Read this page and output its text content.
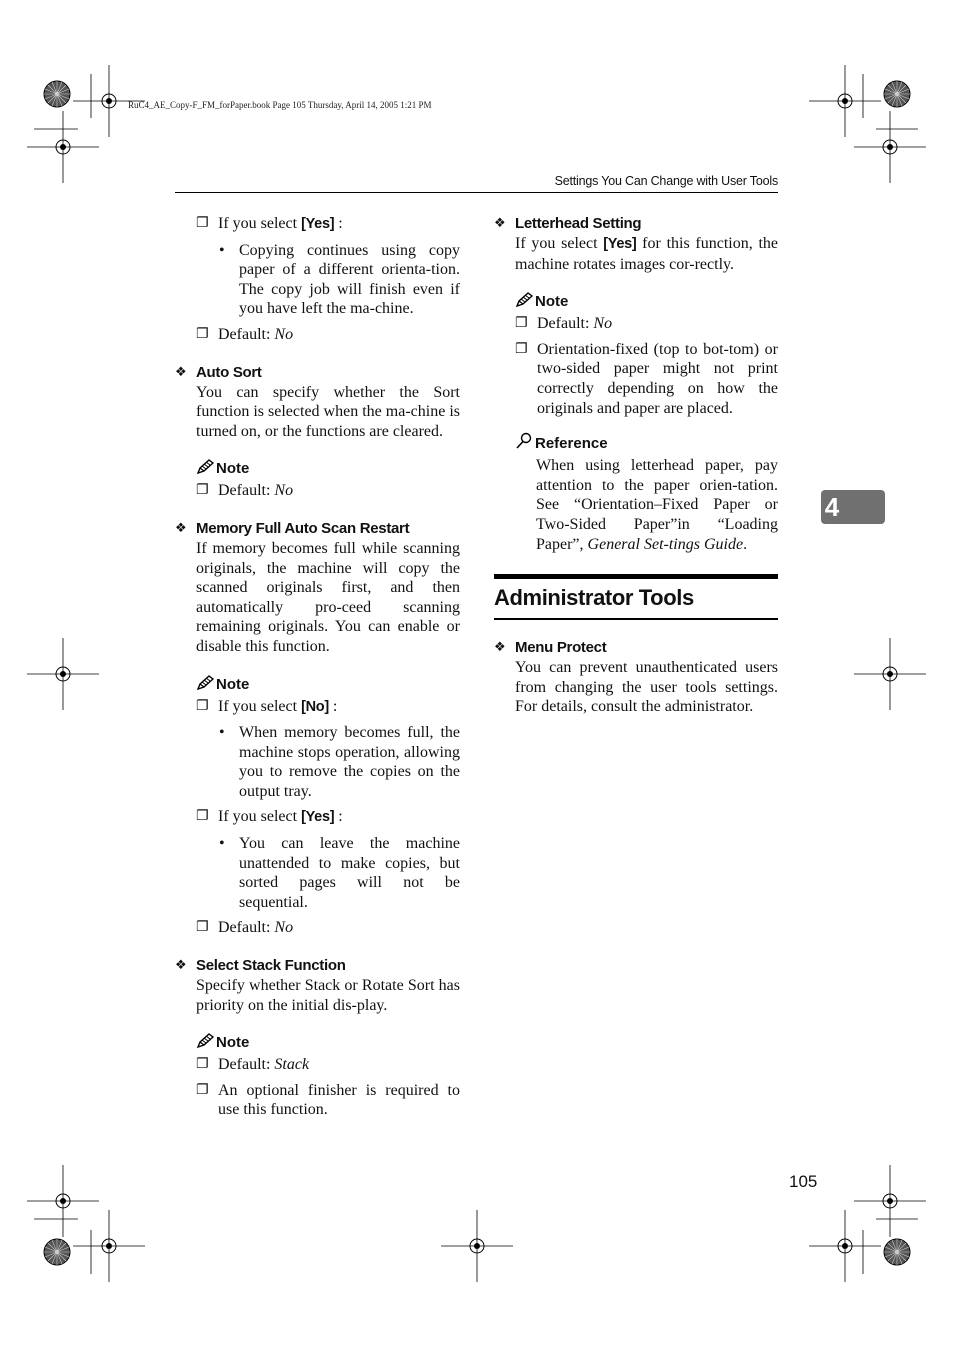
RuC4_AE_Copy-F_FM_forPaper.book Page 105 Thursday, April 14, 2005 1:21 PM
Settings You Can Change with User Tools
4

❐ If you select [Yes] :

• Copying continues using copy paper of a different orienta-tion. The copy job will finish even if you have left the ma-chine.

❐ Default: No

❖ Auto Sort

You can specify whether the Sort function is selected when the ma-chine is turned on, or the functions are cleared.

Note

❐ Default: No

❖ Memory Full Auto Scan Restart

If memory becomes full while scanning originals, the machine will copy the scanned originals first, and then automatically pro-ceed scanning remaining originals. You can enable or disable this function.

Note

❐ If you select [No] :

• When memory becomes full, the machine stops operation, allowing you to remove the copies on the output tray.

❐ If you select [Yes] :

• You can leave the machine unattended to make copies, but sorted pages will not be sequential.

❐ Default: No

❖ Select Stack Function

Specify whether Stack or Rotate Sort has priority on the initial dis-play.

Note

❐ Default: Stack

❐ An optional finisher is required to use this function.

❖ Letterhead Setting

If you select [Yes] for this function, the machine rotates images cor-rectly.

Note

❐ Default: No

❐ Orientation-fixed (top to bot-tom) or two-sided paper might not print correctly depending on how the originals and paper are placed.

Reference

When using letterhead paper, pay attention to the paper orien-tation. See “Orientation–Fixed Paper or Two-Sided Paper”in “Loading Paper”, General Set-tings Guide.

Administrator Tools

❖ Menu Protect

You can prevent unauthenticated users from changing the user tools settings. For details, consult the administrator.

105
